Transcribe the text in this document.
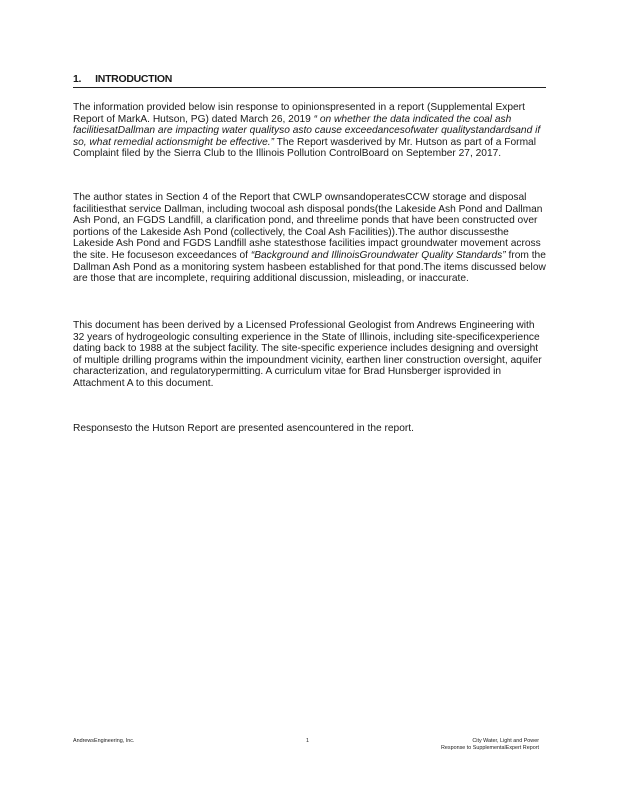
1. INTRODUCTION

The information provided below isin response to opinionspresented in a report (Supplemental Expert Report of MarkA. Hutson, PG) dated March 26, 2019 “ on whether the data indicated the coal ash facilitiesatDallman are impacting water qualityso asto cause exceedancesofwater qualitystandardsand if so, what remedial actionsmight be effective.” The Report wasderived by Mr. Hutson as part of a Formal Complaint filed by the Sierra Club to the Illinois Pollution ControlBoard on September 27, 2017.

The author states in Section 4 of the Report that CWLP ownsandoperatesCCW storage and disposal facilitiesthat service Dallman, including twocoal ash disposal ponds(the Lakeside Ash Pond and Dallman Ash Pond, an FGDS Landfill, a clarification pond, and threelime ponds that have been constructed over portions of the Lakeside Ash Pond (collectively, the Coal Ash Facilities)).The author discussesthe Lakeside Ash Pond and FGDS Landfill ashe statesthose facilities impact groundwater movement across the site. He focuseson exceedances of “Background and IllinoisGroundwater Quality Standards” from the Dallman Ash Pond as a monitoring system hasbeen established for that pond.The items discussed below are those that are incomplete, requiring additional discussion, misleading, or inaccurate.

This document has been derived by a Licensed Professional Geologist from Andrews Engineering with 32 years of hydrogeologic consulting experience in the State of Illinois, including site-specificexperience dating back to 1988 at the subject facility. The site-specific experience includes designing and oversight of multiple drilling programs within the impoundment vicinity, earthen liner construction oversight, aquifer characterization, and regulatorypermitting. A curriculum vitae for Brad Hunsberger isprovided in Attachment A to this document.

Responsesto the Hutson Report are presented asencountered in the report.

AndrewsEngineering, Inc.	1	City Water, Light and Power
Response to SupplementalExpert Report
